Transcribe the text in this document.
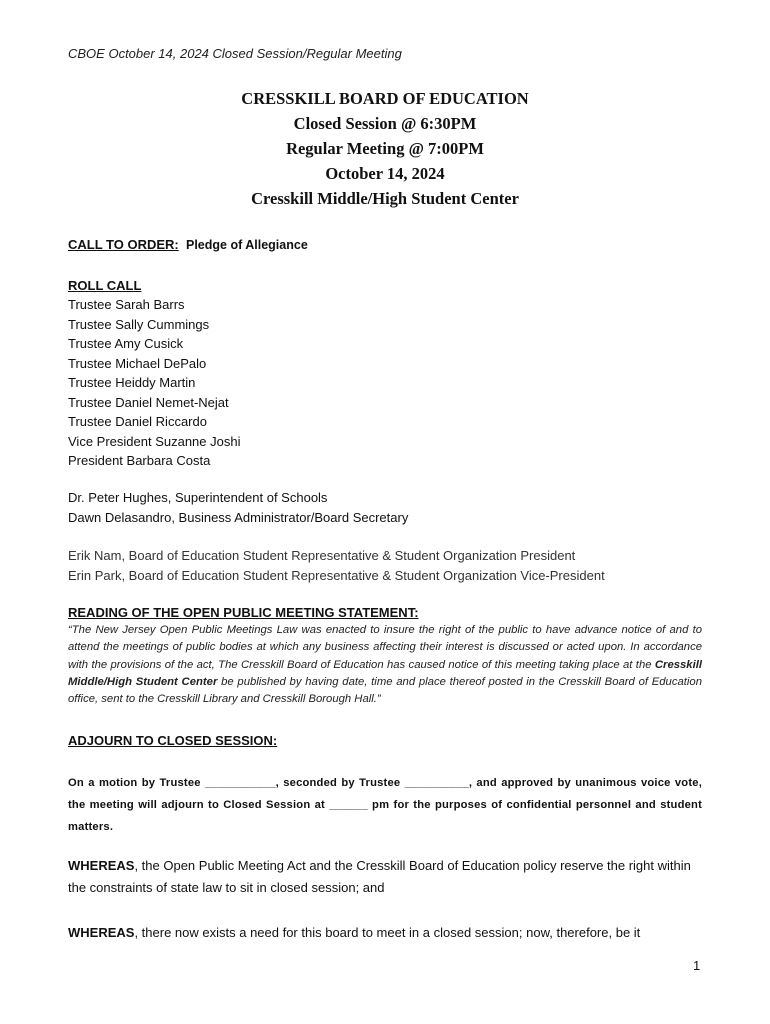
CBOE October 14, 2024 Closed Session/Regular Meeting
CRESSKILL BOARD OF EDUCATION
Closed Session @ 6:30PM
Regular Meeting @ 7:00PM
October 14, 2024
Cresskill Middle/High Student Center
CALL TO ORDER: Pledge of Allegiance
ROLL CALL
Trustee Sarah Barrs
Trustee Sally Cummings
Trustee Amy Cusick
Trustee Michael DePalo
Trustee Heiddy Martin
Trustee Daniel Nemet-Nejat
Trustee Daniel Riccardo
Vice President Suzanne Joshi
President Barbara Costa
Dr. Peter Hughes, Superintendent of Schools
Dawn Delasandro, Business Administrator/Board Secretary
Erik Nam, Board of Education Student Representative & Student Organization President
Erin Park, Board of Education Student Representative & Student Organization Vice-President
READING OF THE OPEN PUBLIC MEETING STATEMENT:
“The New Jersey Open Public Meetings Law was enacted to insure the right of the public to have advance notice of and to attend the meetings of public bodies at which any business affecting their interest is discussed or acted upon. In accordance with the provisions of the act, The Cresskill Board of Education has caused notice of this meeting taking place at the Cresskill Middle/High Student Center be published by having date, time and place thereof posted in the Cresskill Board of Education office, sent to the Cresskill Library and Cresskill Borough Hall.”
ADJOURN TO CLOSED SESSION:
On a motion by Trustee ___________, seconded by Trustee __________, and approved by unanimous voice vote, the meeting will adjourn to Closed Session at ______ pm for the purposes of confidential personnel and student matters.
WHEREAS, the Open Public Meeting Act and the Cresskill Board of Education policy reserve the right within the constraints of state law to sit in closed session; and
WHEREAS, there now exists a need for this board to meet in a closed session; now, therefore, be it
1
